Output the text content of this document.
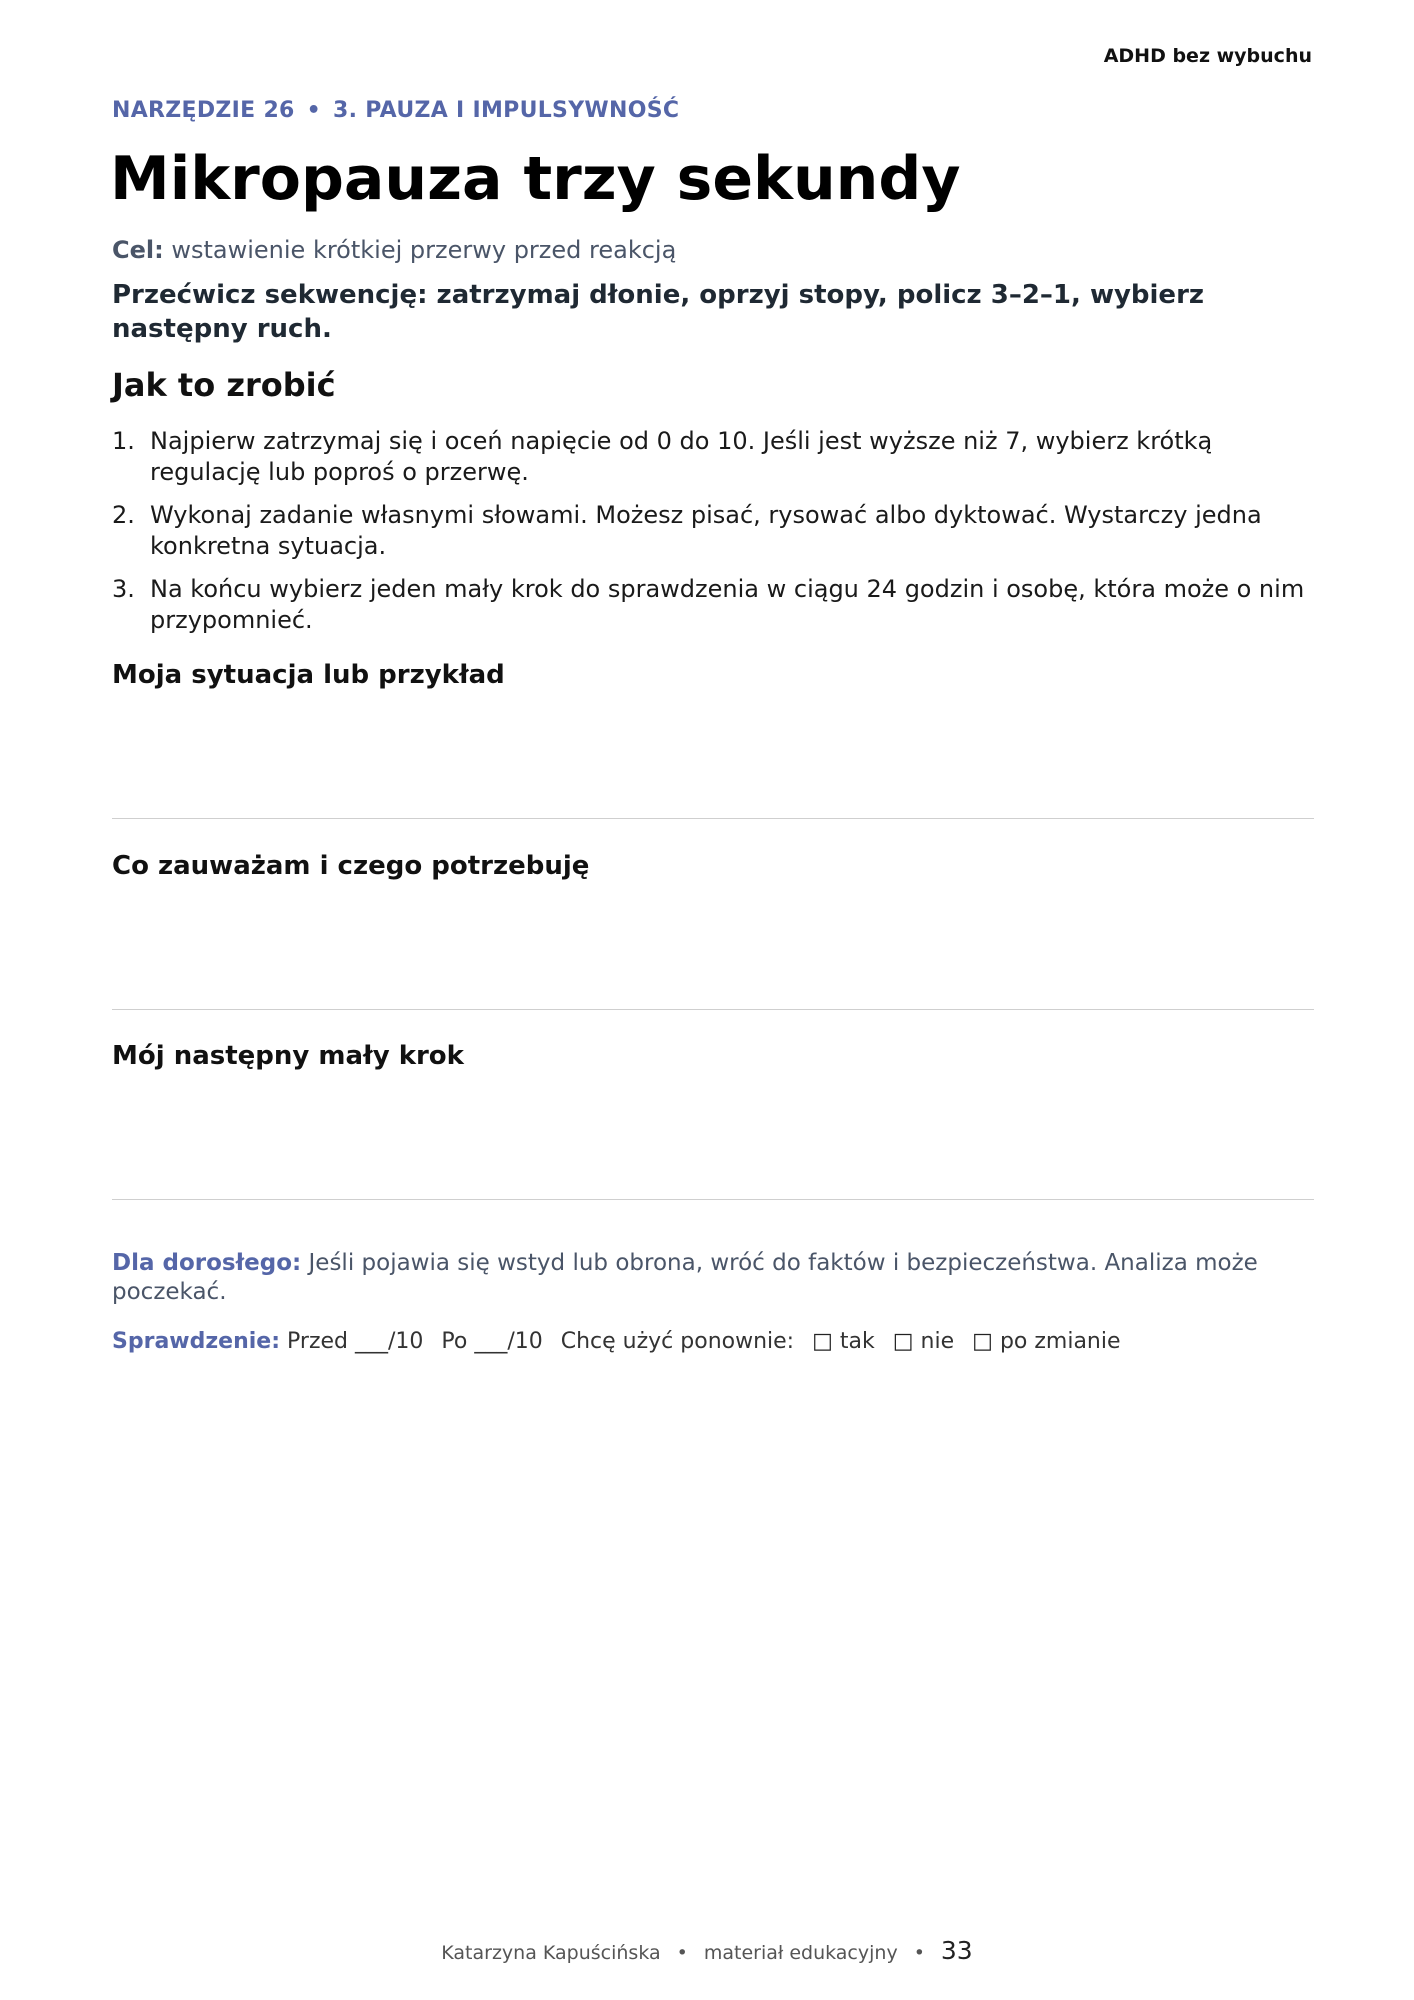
ADHD bez wybuchu
NARZĘDZIE 26 • 3. PAUZA I IMPULSYWNOŚĆ
Mikropauza trzy sekundy
Cel: wstawienie krótkiej przerwy przed reakcją
Przećwicz sekwencję: zatrzymaj dłonie, oprzyj stopy, policz 3–2–1, wybierz następny ruch.
Jak to zrobić
1. Najpierw zatrzymaj się i oceń napięcie od 0 do 10. Jeśli jest wyższe niż 7, wybierz krótką regulację lub poproś o przerwę.
2. Wykonaj zadanie własnymi słowami. Możesz pisać, rysować albo dyktować. Wystarczy jedna konkretna sytuacja.
3. Na końcu wybierz jeden mały krok do sprawdzenia w ciągu 24 godzin i osobę, która może o nim przypomnieć.
Moja sytuacja lub przykład
Co zauważam i czego potrzebuję
Mój następny mały krok
Dla dorosłego: Jeśli pojawia się wstyd lub obrona, wróć do faktów i bezpieczeństwa. Analiza może poczekać.
Sprawdzenie: Przed ___/10 Po ___/10 Chcę użyć ponownie: □ tak □ nie □ po zmianie
Katarzyna Kapuścińska • materiał edukacyjny • 33
